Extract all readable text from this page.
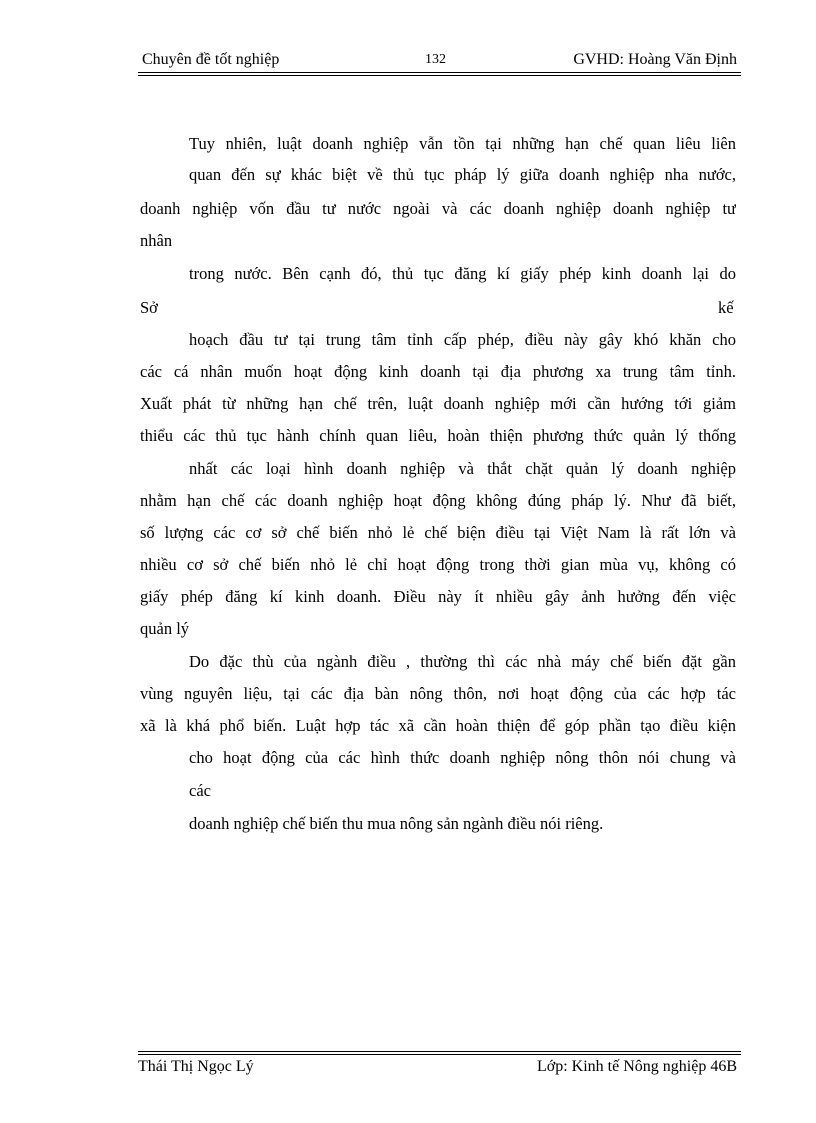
Chuyên đề tốt nghiệp	132	GVHD: Hoàng Văn Định
Tuy nhiên, luật doanh nghiệp vẫn tồn tại những hạn chế quan liêu liên
quan đến sự khác biệt về thủ tục pháp lý giữa doanh nghiệp nha nước,
doanh nghiệp vốn đầu tư nước ngoài và các doanh nghiệp doanh nghiệp tư
nhân
trong nước. Bên cạnh đó, thủ tục đăng kí giấy phép kinh doanh lại do
Sở	kế
hoạch đầu tư tại trung tâm tỉnh cấp phép, điều này gây khó khăn cho
các cá nhân muốn hoạt động kinh doanh tại địa phương xa trung tâm tỉnh.
Xuất phát từ những hạn chế trên, luật doanh nghiệp mới cần hướng tới giảm
thiểu các thủ tục hành chính quan liêu, hoàn thiện phương thức quản lý thống
nhất các loại hình doanh nghiệp và thắt chặt quản lý doanh nghiệp
nhằm hạn chế các doanh nghiệp hoạt động không đúng pháp lý. Như đã biết,
số lượng các cơ sở chế biến nhỏ lẻ chế biện điều tại Việt Nam là rất lớn và
nhiều cơ sở chế biến nhỏ lẻ chỉ hoạt động trong thời gian mùa vụ, không có
giấy phép đăng kí kinh doanh. Điều này ít nhiều gây ảnh hưởng đến việc
quản lý
Do đặc thù của ngành điều , thường thì các nhà máy chế biến đặt gần
vùng nguyên liệu, tại các địa bàn nông thôn, nơi hoạt động của các hợp tác
xã là khá phổ biến. Luật hợp tác xã cần hoàn thiện để góp phần tạo điều kiện
cho hoạt động của các hình thức doanh nghiệp nông thôn nói chung và
các
doanh nghiệp chế biến thu mua nông sản ngành điều nói riêng.
Thái Thị Ngọc Lý	Lớp: Kinh tế Nông nghiệp 46B
